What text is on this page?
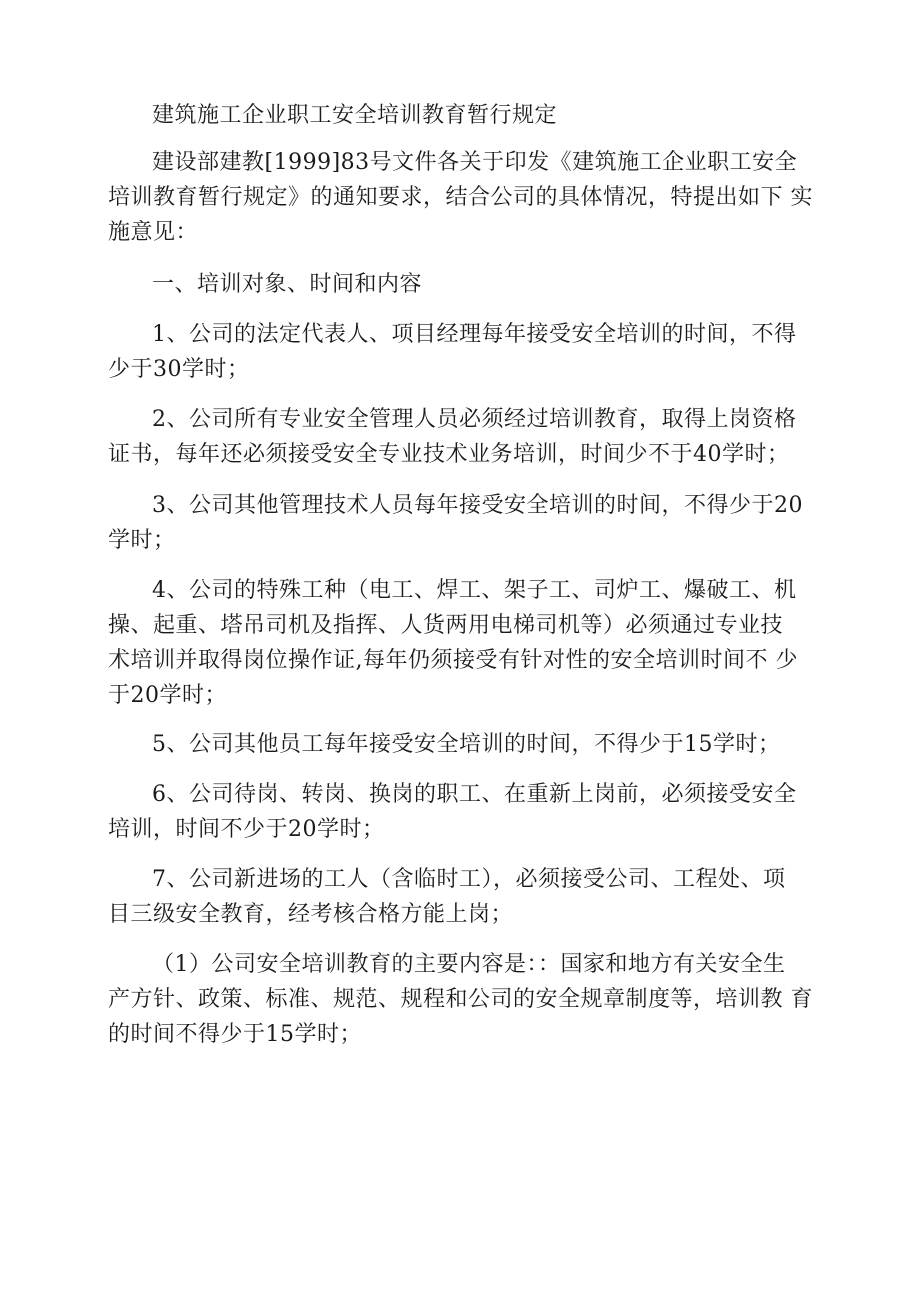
建筑施工企业职工安全培训教育暂行规定
建设部建教[1999]83号文件各关于印发《建筑施工企业职工安全
培训教育暂行规定》的通知要求，结合公司的具体情况，特提出如下 实
施意见：
一、培训对象、时间和内容
1、公司的法定代表人、项目经理每年接受安全培训的时间，不得
少于30学时；
2、公司所有专业安全管理人员必须经过培训教育，取得上岗资格
证书，每年还必须接受安全专业技术业务培训，时间少不于40学时；
3、公司其他管理技术人员每年接受安全培训的时间，不得少于20
学时；
4、公司的特殊工种（电工、焊工、架子工、司炉工、爆破工、机
操、起重、塔吊司机及指挥、人货两用电梯司机等）必须通过专业技
术培训并取得岗位操作证,每年仍须接受有针对性的安全培训时间不 少
于20学时；
5、公司其他员工每年接受安全培训的时间，不得少于15学时；
6、公司待岗、转岗、换岗的职工、在重新上岗前，必须接受安全
培训，时间不少于20学时；
7、公司新进场的工人（含临时工），必须接受公司、工程处、项
目三级安全教育，经考核合格方能上岗；
（1）公司安全培训教育的主要内容是：：国家和地方有关安全生
产方针、政策、标准、规范、规程和公司的安全规章制度等，培训教 育
的时间不得少于15学时；
